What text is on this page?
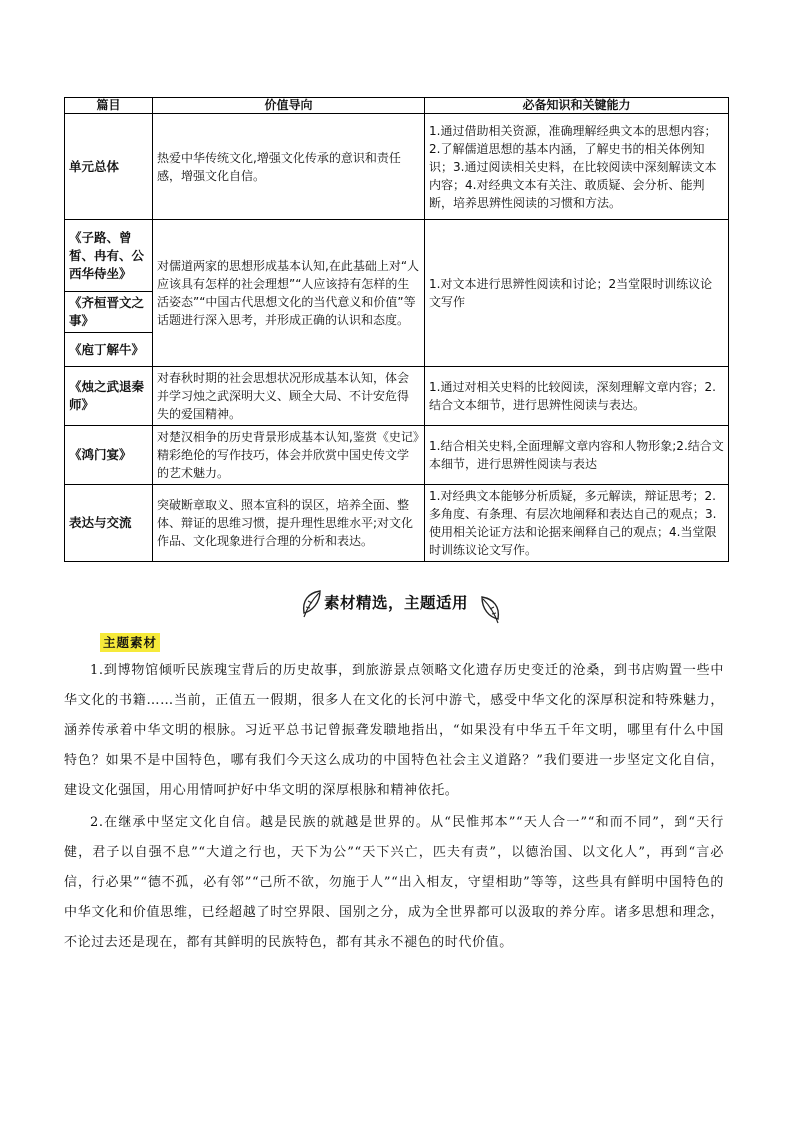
篇目	价值导向	必备知识和关键能力
单元总体	热爱中华传统文化,增强文化传承的意识和责任感，增强文化自信。	1.通过借助相关资源，准确理解经典文本的思想内容；2.了解儒道思想的基本内涵，了解史书的相关体例知识；3.通过阅读相关史料，在比较阅读中深刻解读文本内容；4.对经典文本有关注、敢质疑、会分析、能判断，培养思辨性阅读的习惯和方法。
《子路、曾皙、冉有、公西华侍坐》	对儒道两家的思想形成基本认知,在此基础上对“人应该具有怎样的社会理想”“人应该持有怎样的生活姿态”“中国古代思想文化的当代意义和价值”等话题进行深入思考，并形成正确的认识和态度。	1.对文本进行思辨性阅读和讨论；2当堂限时训练议论文写作
《齐桓晋文之事》		
《庖丁解牛》		
《烛之武退秦师》	对春秋时期的社会思想状况形成基本认知，体会并学习烛之武深明大义、顾全大局、不计安危得失的爱国精神。	1.通过对相关史料的比较阅读，深刻理解文章内容；2.结合文本细节，进行思辨性阅读与表达。
《鸿门宴》	对楚汉相争的历史背景形成基本认知,鉴赏《史记》精彩绝伦的写作技巧，体会并欣赏中国史传文学的艺术魅力。	1.结合相关史料,全面理解文章内容和人物形象;2.结合文本细节，进行思辨性阅读与表达
表达与交流	突破断章取义、照本宣科的误区，培养全面、整体、辩证的思维习惯，提升理性思维水平;对文化作品、文化现象进行合理的分析和表达。	1.对经典文本能够分析质疑，多元解读，辩证思考；2.多角度、有条理、有层次地阐释和表达自己的观点；3.使用相关论证方法和论据来阐释自己的观点；4.当堂限时训练议论文写作。
素材精选，主题适用
主题素材

1.到博物馆倾听民族瑰宝背后的历史故事，到旅游景点领略文化遗存历史变迁的沧桑，到书店购置一些中华文化的书籍……当前，正值五一假期，很多人在文化的长河中游弋，感受中华文化的深厚积淀和特殊魅力，涵养传承着中华文明的根脉。习近平总书记曾振聋发聩地指出，“如果没有中华五千年文明，哪里有什么中国特色？如果不是中国特色，哪有我们今天这么成功的中国特色社会主义道路？”我们要进一步坚定文化自信，建设文化强国，用心用情呵护好中华文明的深厚根脉和精神依托。

2.在继承中坚定文化自信。越是民族的就越是世界的。从“民惟邦本”“天人合一”“和而不同”，到“天行健，君子以自强不息”“大道之行也，天下为公”“天下兴亡，匹夫有责”，以德治国、以文化人”，再到“言必信，行必果”“德不孤，必有邻”“己所不欲，勿施于人”“出入相友，守望相助”等等，这些具有鲜明中国特色的中华文化和价值思维，已经超越了时空界限、国别之分，成为全世界都可以汲取的养分库。诸多思想和理念，不论过去还是现在，都有其鲜明的民族特色，都有其永不褪色的时代价值。
